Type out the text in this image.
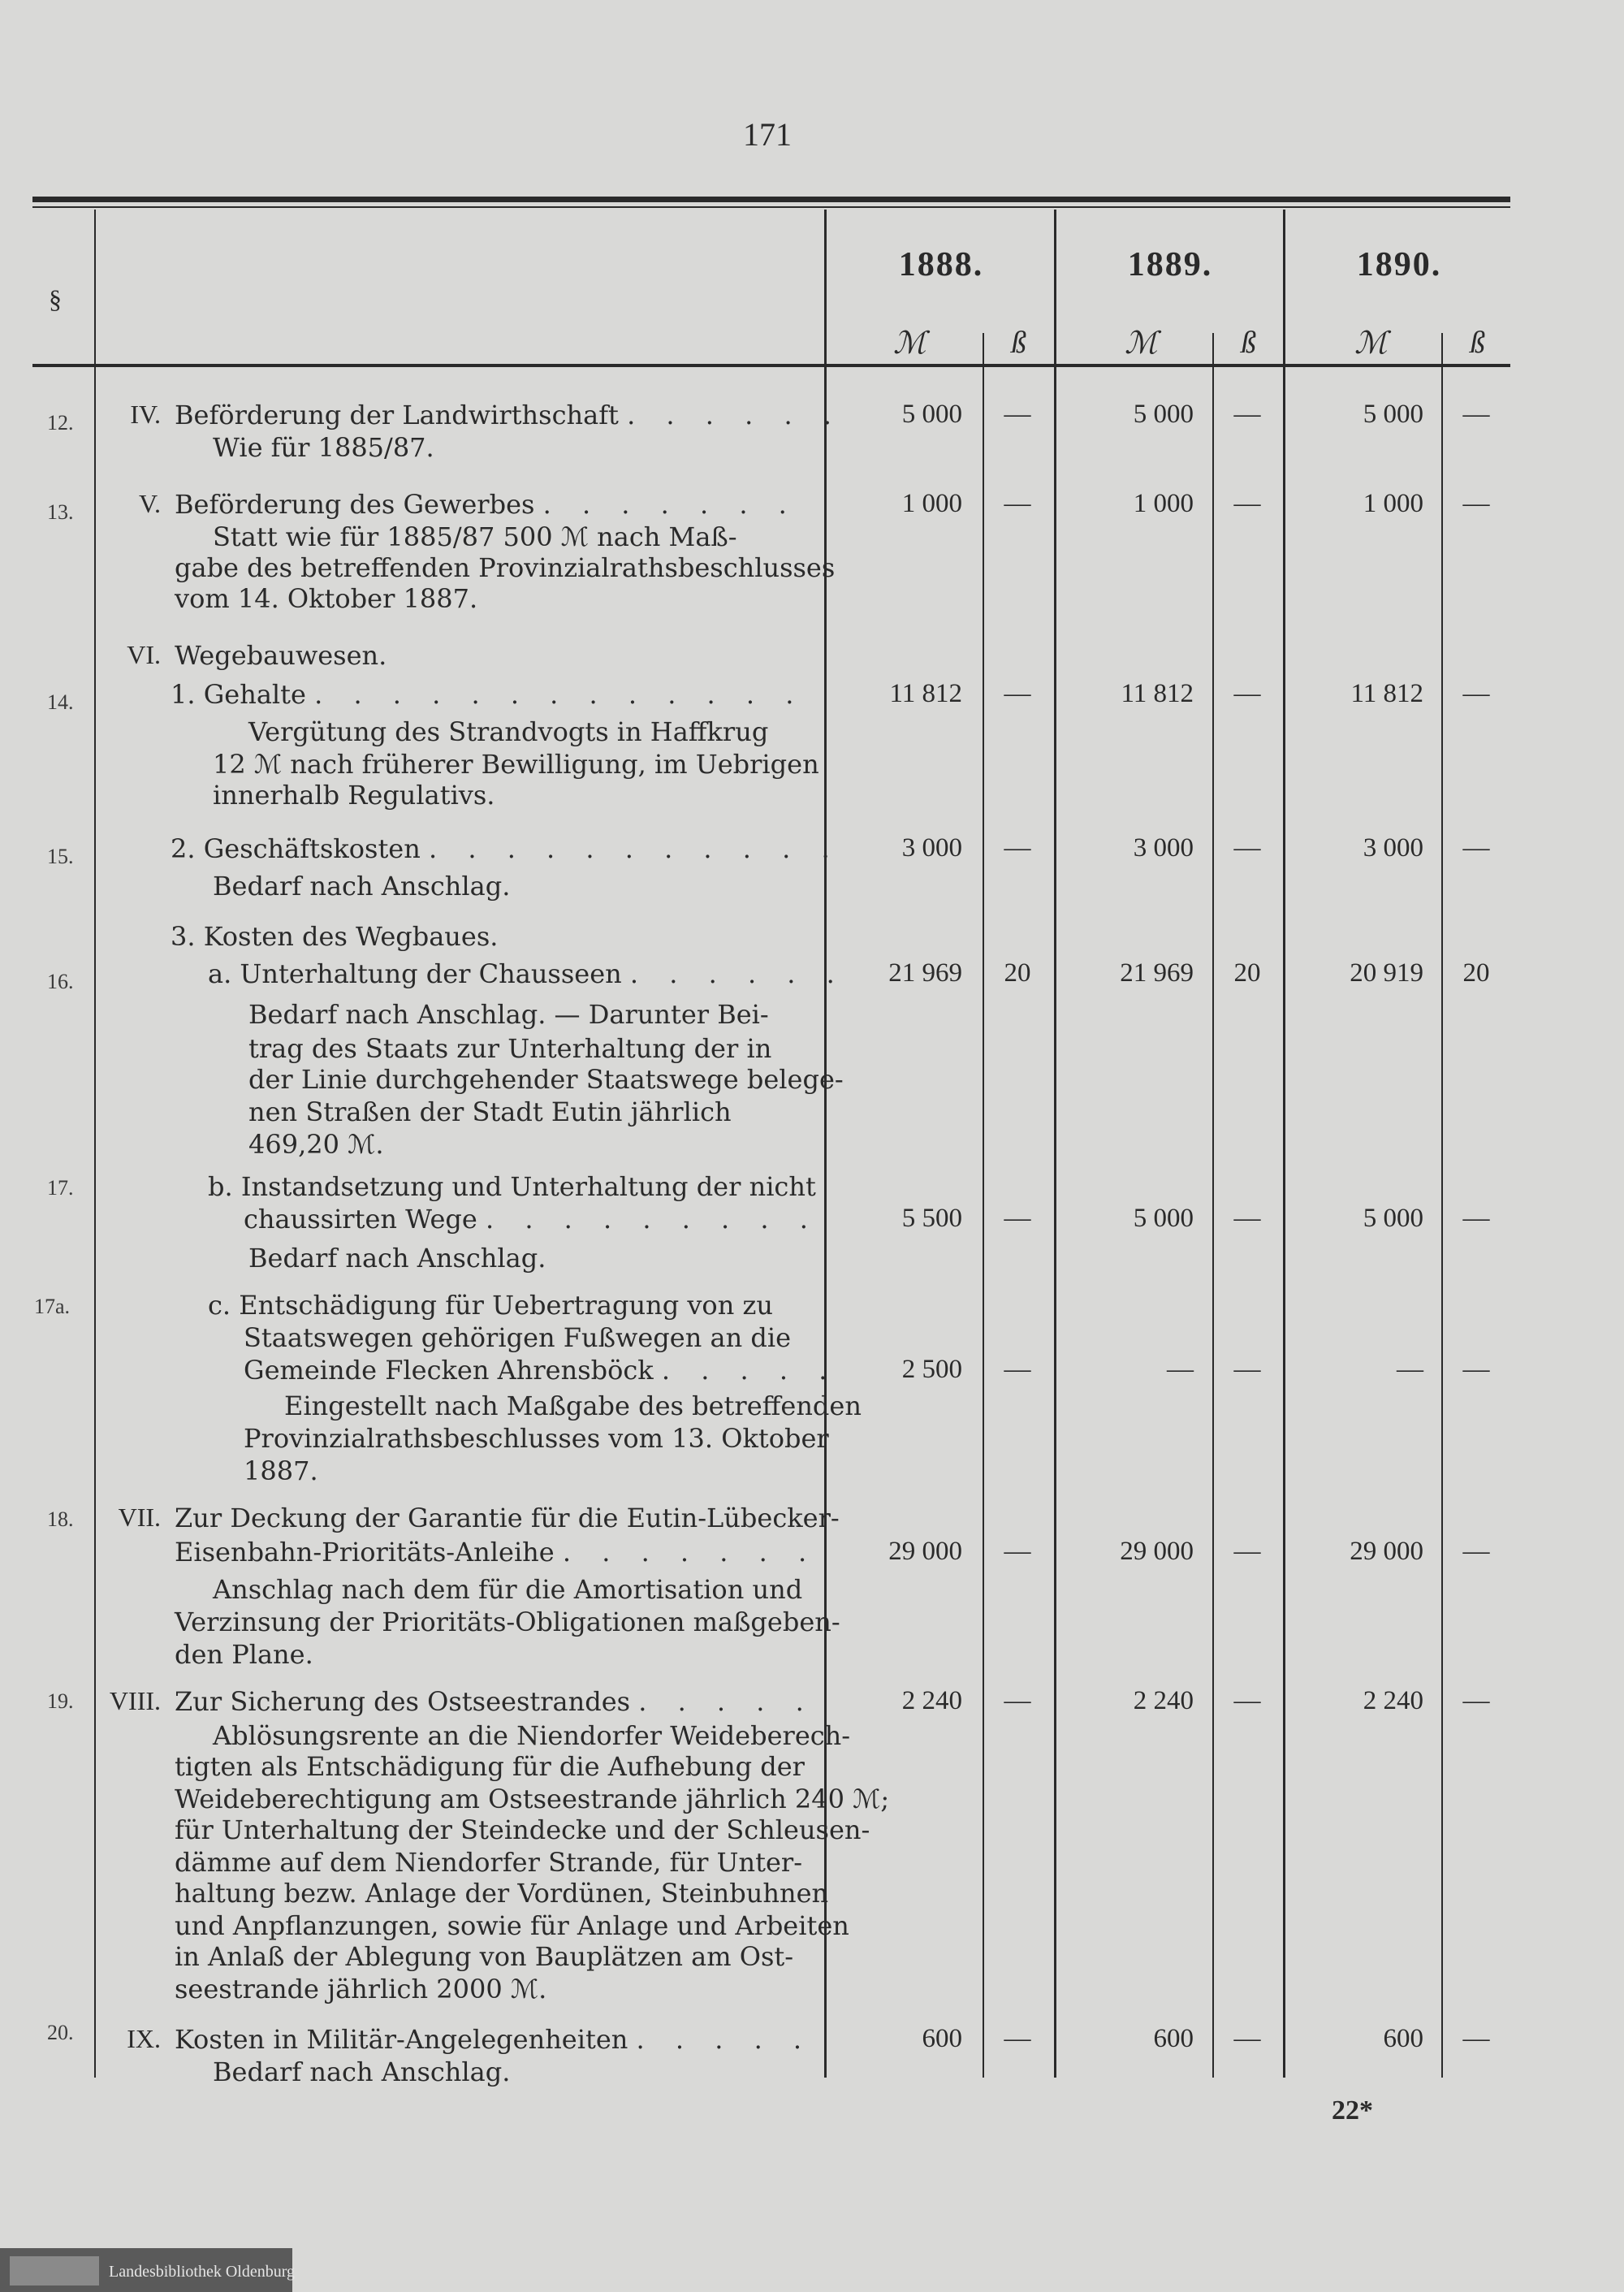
171
§
1888.	1889.	1890.
ℳ	ß	ℳ	ß	ℳ	ß
12.	IV. Beförderung der Landwirthschaft . . . . . .
Wie für 1885/87.
5 000	—	5 000	—	5 000	—
13.	V. Beförderung des Gewerbes . . . . . . .
Statt wie für 1885/87 500 ℳ nach Maß-
gabe des betreffenden Provinzialrathsbeschlusses
vom 14. Oktober 1887.
1 000	—	1 000	—	1 000	—
VI. Wegebauwesen.
14.	1. Gehalte . . . . . . . . . . . . .
Vergütung des Strandvogts in Haffkrug
12 ℳ nach früherer Bewilligung, im Uebrigen
innerhalb Regulativs.
11 812	—	11 812	—	11 812	—
15.	2. Geschäftskosten . . . . . . . . . . .
Bedarf nach Anschlag.
3 000	—	3 000	—	3 000	—
3. Kosten des Wegbaues.
16.	a. Unterhaltung der Chausseen . . . . . .
Bedarf nach Anschlag. — Darunter Bei-
trag des Staats zur Unterhaltung der in
der Linie durchgehender Staatswege belege-
nen Straßen der Stadt Eutin jährlich
469,20 ℳ.
21 969	20	21 969	20	20 919	20
17.	b. Instandsetzung und Unterhaltung der nicht
chaussirten Wege . . . . . . . . .
Bedarf nach Anschlag.
5 500	—	5 000	—	5 000	—
17a.	c. Entschädigung für Uebertragung von zu
Staatswegen gehörigen Fußwegen an die
Gemeinde Flecken Ahrensböck . . . . .
Eingestellt nach Maßgabe des betreffenden
Provinzialrathsbeschlusses vom 13. Oktober
1887.
2 500	—	—	—	—	—
18.	VII. Zur Deckung der Garantie für die Eutin-Lübecker-
Eisenbahn-Prioritäts-Anleihe . . . . . . .
Anschlag nach dem für die Amortisation und
Verzinsung der Prioritäts-Obligationen maßgeben-
den Plane.
29 000	—	29 000	—	29 000	—
19.	VIII. Zur Sicherung des Ostseestrandes . . . . .
Ablösungsrente an die Niendorfer Weideberech-
tigten als Entschädigung für die Aufhebung der
Weideberechtigung am Ostseestrande jährlich 240 ℳ;
für Unterhaltung der Steindecke und der Schleusen-
dämme auf dem Niendorfer Strande, für Unter-
haltung bezw. Anlage der Vordünen, Steinbuhnen
und Anpflanzungen, sowie für Anlage und Arbeiten
in Anlaß der Ablegung von Bauplätzen am Ost-
seestrande jährlich 2000 ℳ.
2 240	—	2 240	—	2 240	—
20.	IX. Kosten in Militär-Angelegenheiten . . . . .
Bedarf nach Anschlag.
600	—	600	—	600	—
22*
Landesbibliothek Oldenburg
